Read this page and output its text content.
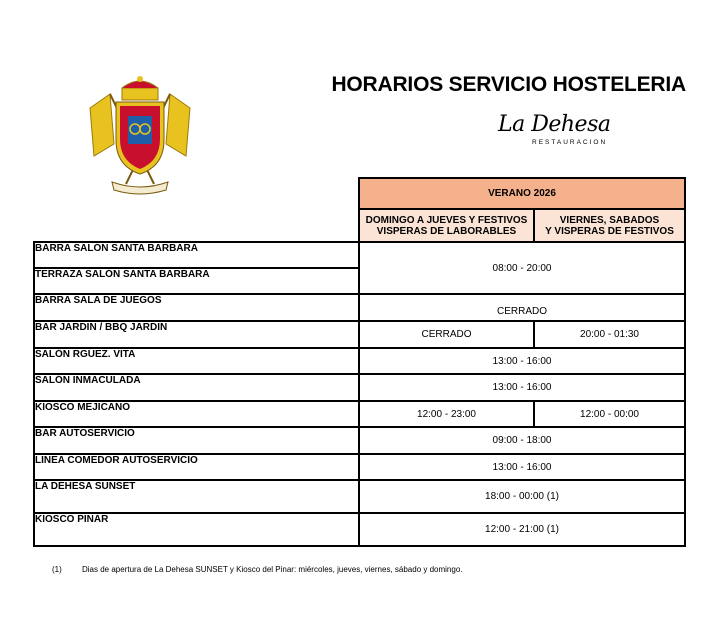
HORARIOS SERVICIO HOSTELERIA
La Dehesa
RESTAURACION
	VERANO 2026	
	DOMINGO A JUEVES Y FESTIVOS
VISPERAS DE LABORABLES	VIERNES, SABADOS
Y VISPERAS DE FESTIVOS
BARRA SALÓN SANTA BARBARA	08:00 - 20:00	
TERRAZA SALÓN SANTA BARBARA		
BARRA SALA DE JUEGOS	CERRADO	
BAR JARDIN / BBQ JARDIN	CERRADO	20:00 - 01:30
SALÓN RGUEZ. VITA	13:00 - 16:00	
SALÓN INMACULADA	13:00 - 16:00	
KIOSCO MEJICANO	12:00 - 23:00	12:00 - 00:00
BAR AUTOSERVICIO	09:00 - 18:00	
LINEA COMEDOR AUTOSERVICIO	13:00 - 16:00	
LA DEHESA SUNSET	18:00 - 00:00 (1)	
KIOSCO PINAR	12:00 - 21:00 (1)	
(1)	Dias de apertura de La Dehesa SUNSET y Kiosco del Pinar: miércoles, jueves, viernes, sábado y domingo.
